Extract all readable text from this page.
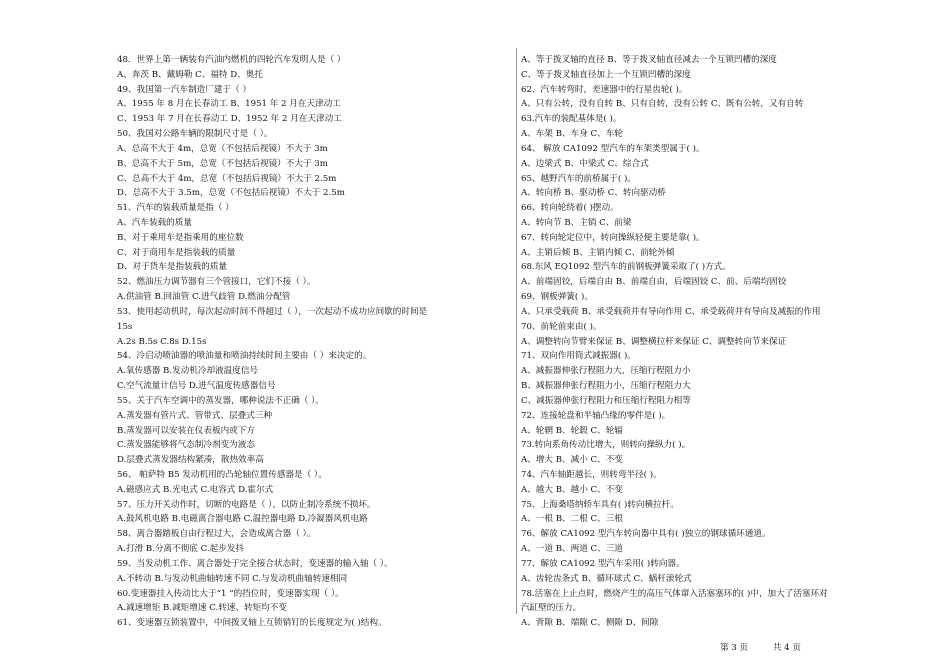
48．世界上第一辆装有汽油内燃机的四轮汽车发明人是（ ）
A、奔茨 B、戴姆勒 C、福特 D、奥托
49、我国第一汽车制造厂建于（ ）
A、1955 年 8 月在长春动工 B、1951 年 2 月在天津动工
C、1953 年 7 月在长春动工 D、1952 年 2 月在天津动工
50、我国对公路车辆的限制尺寸是（ ）。
A、总高不大于 4m，总宽（不包括后视镜）不大于 3m
B、总高不大于 5m，总宽（不包括后视镜）不大于 3m
C、总高不大于 4m，总宽（不包括后视镜）不大于 2.5m
D、总高不大于 3.5m，总宽（不包括后视镜）不大于 2.5m
51、汽车的装载质量是指（ ）
A、汽车装载的质量
B、对于乘用车是指乘用的座位数
C、对于商用车是指装载的质量
D、对于货车是指装载的质量
52、燃油压力调节器有三个管接口，它们不接（ ）。
A.供油管 B.回油管 C.进气歧管 D.燃油分配管
53、使用起动机时，每次起动时间不得超过（ ），一次起动不成功应间歇的时间是
15s
A.2s B.5s C.8s D.15s
54、冷启动喷油器的喷油量和喷油持续时间主要由（ ）来决定的。
A.氧传感器 B.发动机冷却液温度信号
C.空气流量计信号 D.进气温度传感器信号
55、关于汽车空调中的蒸发器，哪种说法不正确（ ）。
A.蒸发器有管片式、管带式、层叠式三种
B.蒸发器可以安装在仪表板内或下方
C.蒸发器能够将气态制冷剂变为液态
D.层叠式蒸发器结构紧凑，散热效率高
56、 帕萨特 B5 发动机用的凸轮轴位置传感器是（ ）。
A.磁感应式 B.光电式 C.电容式 D.霍尔式
57、压力开关动作时，切断的电路是（ ），以防止制冷系统不损坏。
A.鼓风机电路 B.电磁离合器电路 C.温控器电路 D.冷凝器风机电路
58、离合器踏板自由行程过大，会造成离合器（ ）。
A.打滑 B.分离不彻底 C.起步发抖
59、当发动机工作、离合器处于完全接合状态时，变速器的输入轴（ ）。
A.不转动 B.与发动机曲轴转速不同 C.与发动机曲轴转速相同
60.变速器挂入传动比大于“1 ”的挡位时，变速器实现（ ）。
A.减速增矩 B.减矩增速 C.转速、转矩均不变
61、变速器互锁装置中，中间拨叉轴上互锁销钉的长度规定为( )结构。
A、等于拨叉轴的直径 B、等于拨叉轴直径减去一个互锁凹槽的深度
C、等于拨叉轴直径加上一个互锁凹槽的深度
62、汽车转弯时，差速器中的行星齿轮( )。
A、只有公转，没有自转 B、只有自转，没有公转 C、既有公转，又有自转
63.汽车的装配基体是( )。
A、车架 B、车身 C、车轮
64、 解放 CA1092 型汽车的车架类型属于( )。
A、边梁式 B、中梁式 C、综合式
65、越野汽车的前桥属于( )。
A、转向桥 B、驱动桥 C、转向驱动桥
66、转向轮绕着( )摆动。
A、转向节 B、主销 C、前梁
67、转向轮定位中，转向操纵轻便主要是靠( )。
A、主销后倾 B、主销内倾 C、前轮外倾
68.东风 EQ1092 型汽车的前钢板弹簧采取了( )方式。
A、前端固铰，后端自由 B、前端自由，后端固铰 C、前、后端均固铰
69、钢板弹簧( )。
A、只承受载荷 B、承受载荷并有导向作用 C、承受载荷并有导向及减振的作用
70、前轮前束由( )。
A、调整转向节臂来保证 B、调整横拉杆来保证 C、调整转向节来保证
71、双向作用筒式减振器( )。
A、减振器伸张行程阻力大，压缩行程阻力小
B、减振器伸张行程阻力小，压缩行程阻力大
C、减振器伸张行程阻力和压缩行程阻力相等
72、连接轮盘和半轴凸缘的零件是( )。
A、轮辋 B、轮毂 C、轮辐
73.转向系角传动比增大，则转向操纵力( )。
A、增大 B、减小 C、不变
74、汽车轴距越长，则转弯半径( )。
A、越大 B、越小 C、不变
75、上海桑塔纳轿车具有( )转向横拉杆。
A、一根 B、二根 C、三根
76、解放 CA1092 型汽车转向器中具有( )独立的钢球循环通道。
A、一道 B、两道 C、三道
77、解放 CA1092 型汽车采用( )转向器。
A、齿轮齿条式 B、循环球式 C、蜗杆滚轮式
78.活塞在上止点时，燃烧产生的高压气体窜入活塞塞环的( )中，加大了活塞环对
汽缸壁的压力。
A、背隙 B、端隙 C、侧隙 D、间隙
第 3 页	共 4 页
